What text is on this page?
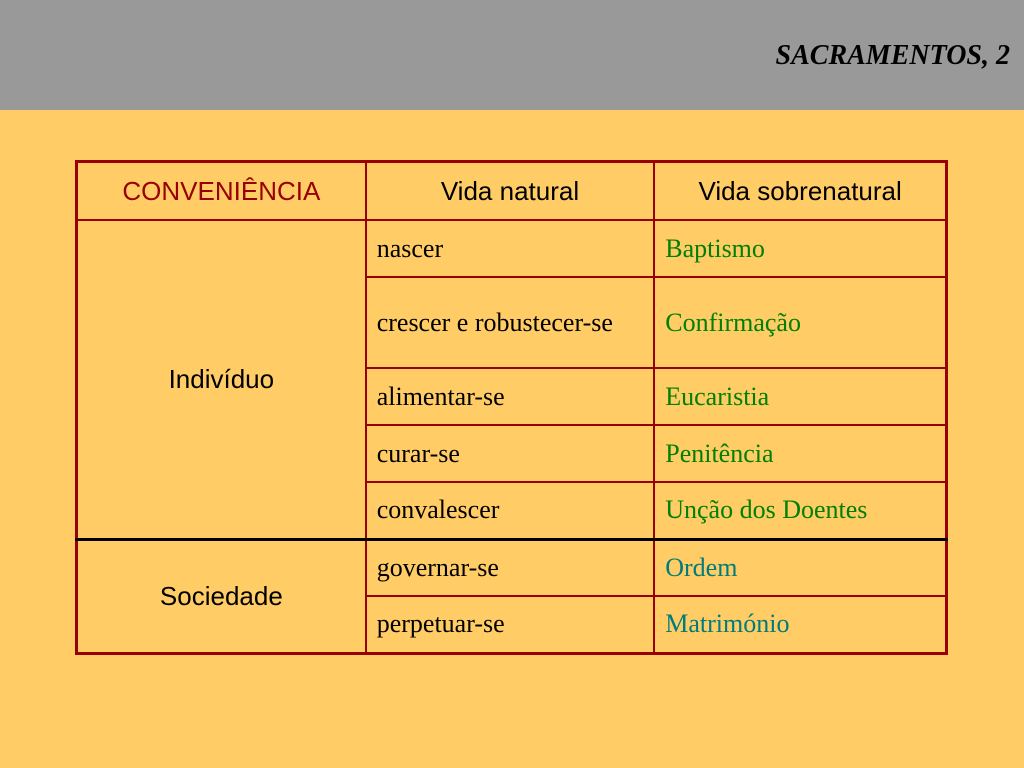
SACRAMENTOS, 2
CONVENIÊNCIA	Vida natural	Vida sobrenatural
Indivíduo	nascer	Baptismo
	crescer e robustecer-se	Confirmação
	alimentar-se	Eucaristia
	curar-se	Penitência
	convalescer	Unção dos Doentes
Sociedade	governar-se	Ordem
	perpetuar-se	Matrimónio
